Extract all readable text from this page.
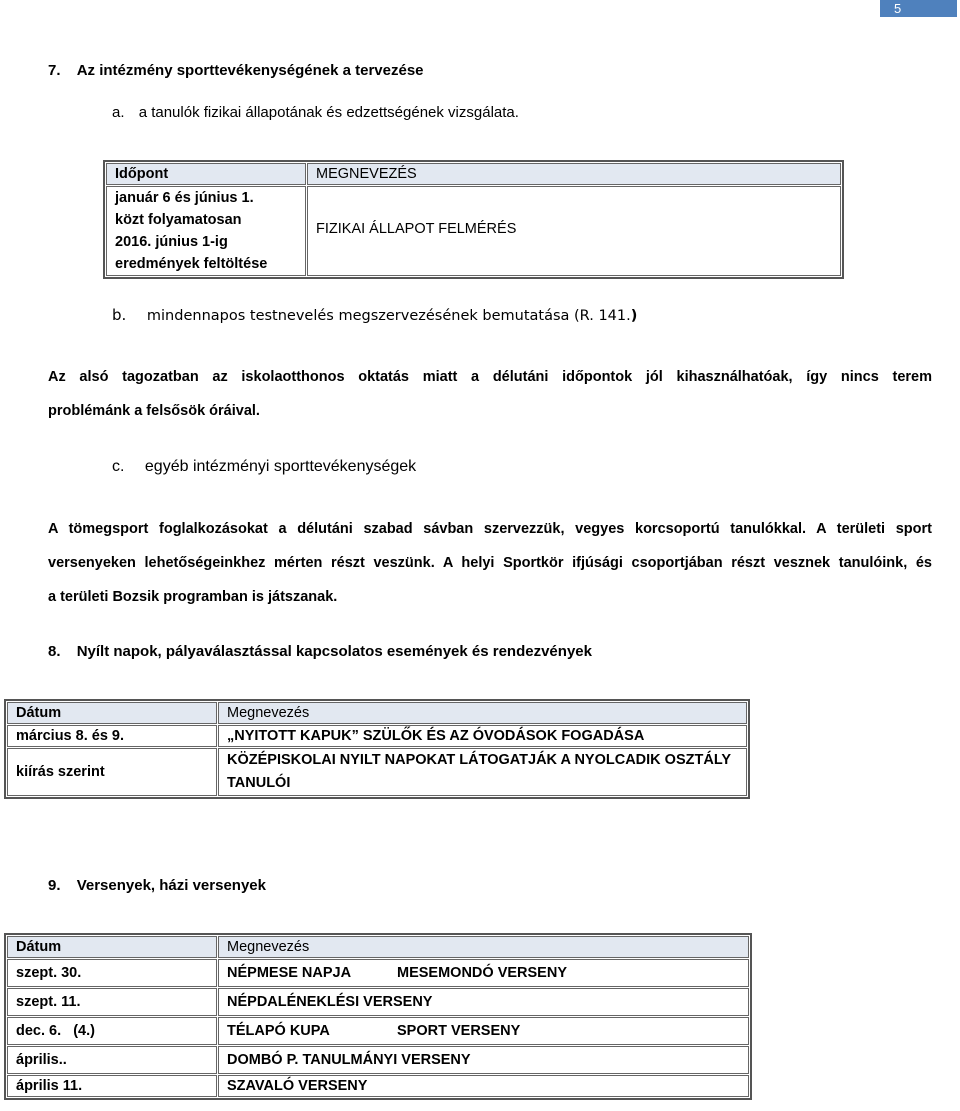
5
7. Az intézmény sporttevékenységének a tervezése
a. a tanulók fizikai állapotának és edzettségének vizsgálata.
Időpont	MEGNEVEZÉS

január 6 és június 1.
közt folyamatosan
2016. június 1-ig
eredmények feltöltése	FIZIKAI ÁLLAPOT FELMÉRÉS
b. mindennapos testnevelés megszervezésének bemutatása (R. 141.)
Az alsó tagozatban az iskolaotthonos oktatás miatt a délutáni időpontok jól kihasználhatóak, így nincs terem
problémánk a felsősök óráival.
c. egyéb intézményi sporttevékenységek
A tömegsport foglalkozásokat a délutáni szabad sávban szervezzük, vegyes korcsoportú tanulókkal. A területi sport
versenyeken lehetőségeinkhez mérten részt veszünk. A helyi Sportkör ifjúsági csoportjában részt vesznek tanulóink, és
a területi Bozsik programban is játszanak.
8. Nyílt napok, pályaválasztással kapcsolatos események és rendezvények
Dátum	Megnevezés
március 8. és 9.	„NYITOTT KAPUK” SZÜLŐK ÉS AZ ÓVODÁSOK FOGADÁSA
kiírás szerint	KÖZÉPISKOLAI NYILT NAPOKAT LÁTOGATJÁK A NYOLCADIK OSZTÁLY
TANULÓI
9. Versenyek, házi versenyek
Dátum	Megnevezés
szept. 30.	NÉPMESE NAPJA MESEMONDÓ VERSENY
szept. 11.	NÉPDALÉNEKLÉSI VERSENY
dec. 6.   (4.)	TÉLAPÓ KUPA SPORT VERSENY
április..	DOMBÓ P. TANULMÁNYI VERSENY
április 11.	SZAVALÓ VERSENY
